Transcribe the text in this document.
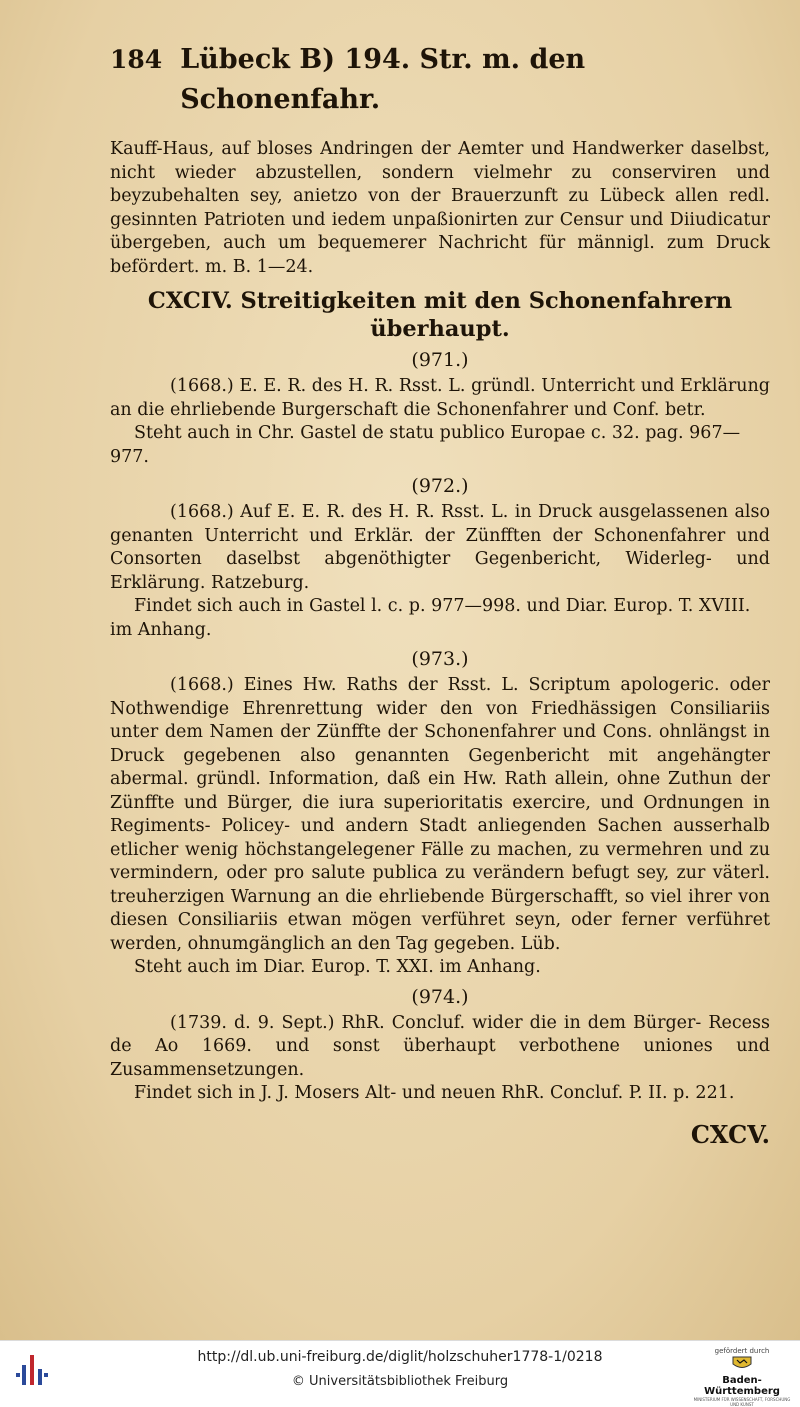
184 Lübeck B) 194. Str. m. den Schonenfahr.

Kauff-Haus, auf bloses Andringen der Aemter und Handwerker daselbst, nicht wieder abzustellen, sondern vielmehr zu conserviren und beyzubehalten sey, anietzo von der Brauerzunft zu Lübeck allen redl. gesinnten Patrioten und iedem unpaßionirten zur Censur und Diiudicatur übergeben, auch um bequemerer Nachricht für männigl. zum Druck befördert. m. B. 1—24.

CXCIV. Streitigkeiten mit den Schonenfahrern überhaupt.
(971.)

(1668.) E. E. R. des H. R. Rsst. L. gründl. Unterricht und Erklärung an die ehrliebende Burgerschaft die Schonenfahrer und Conf. betr.

Steht auch in Chr. Gastel de statu publico Europae c. 32. pag. 967—977.

(972.)

(1668.) Auf E. E. R. des H. R. Rsst. L. in Druck ausgelassenen also genanten Unterricht und Erklär. der Zünfften der Schonenfahrer und Consorten daselbst abgenöthigter Gegenbericht, Widerleg- und Erklärung. Ratzeburg.

Findet sich auch in Gastel l. c. p. 977—998. und Diar. Europ. T. XVIII. im Anhang.

(973.)

(1668.) Eines Hw. Raths der Rsst. L. Scriptum apologeric. oder Nothwendige Ehrenrettung wider den von Friedhässigen Consiliariis unter dem Namen der Zünffte der Schonenfahrer und Cons. ohnlängst in Druck gegebenen also genannten Gegenbericht mit angehängter abermal. gründl. Information, daß ein Hw. Rath allein, ohne Zuthun der Zünffte und Bürger, die iura superioritatis exercire, und Ordnungen in Regiments- Policey- und andern Stadt anliegenden Sachen ausserhalb etlicher wenig höchstangelegener Fälle zu machen, zu vermehren und zu vermindern, oder pro salute publica zu verändern befugt sey, zur väterl. treuherzigen Warnung an die ehrliebende Bürgerschafft, so viel ihrer von diesen Consiliariis etwan mögen verführet seyn, oder ferner verführet werden, ohnumgänglich an den Tag gegeben. Lüb.

Steht auch im Diar. Europ. T. XXI. im Anhang.

(974.)

(1739. d. 9. Sept.) RhR. Concluf. wider die in dem Bürger- Recess de Ao 1669. und sonst überhaupt verbothene uniones und Zusammensetzungen.

Findet sich in J. J. Mosers Alt- und neuen RhR. Concluf. P. II. p. 221.

CXCV.
http://dl.ub.uni-freiburg.de/diglit/holzschuher1778-1/0218
© Universitätsbibliothek Freiburg
gefördert durch
Baden-Württemberg
MINISTERIUM FÜR WISSENSCHAFT, FORSCHUNG UND KUNST
